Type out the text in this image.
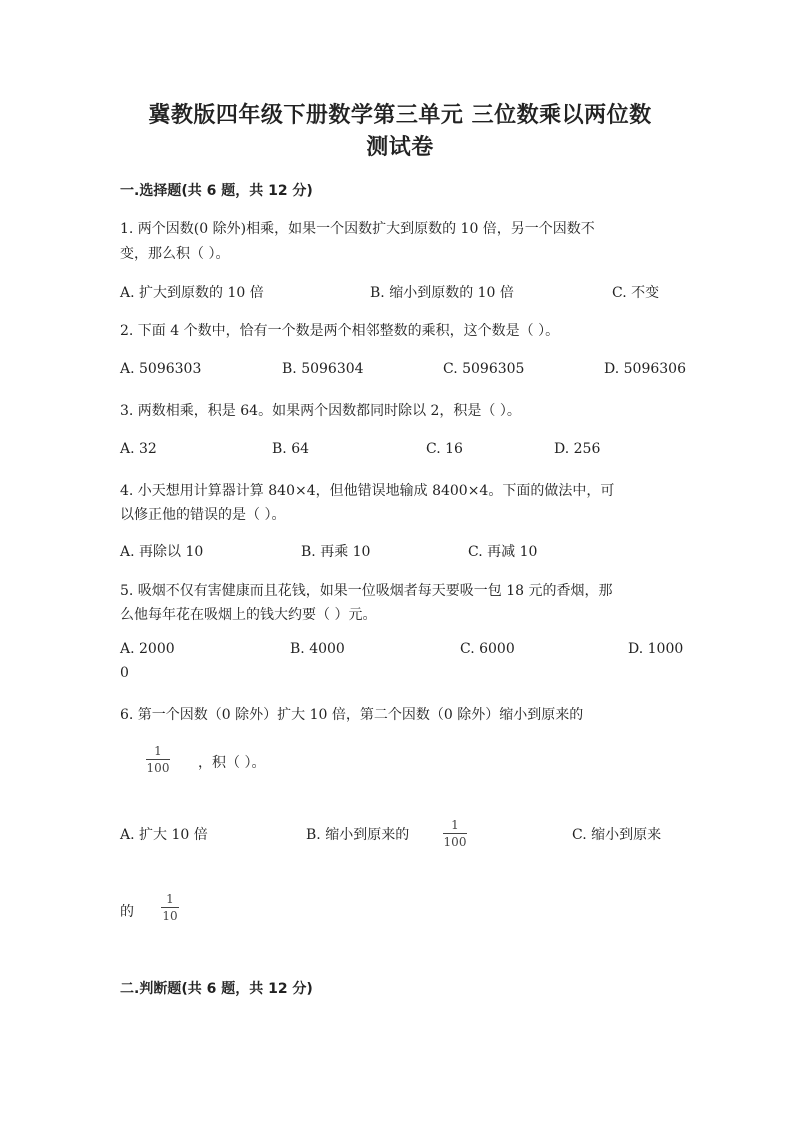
冀教版四年级下册数学第三单元 三位数乘以两位数
测试卷
一.选择题(共 6 题，共 12 分)
1. 两个因数(0 除外)相乘，如果一个因数扩大到原数的 10 倍，另一个因数不
变，那么积（ ）。
A. 扩大到原数的 10 倍	B. 缩小到原数的 10 倍	C. 不变
2. 下面 4 个数中，恰有一个数是两个相邻整数的乘积，这个数是（ ）。
A. 5096303	B. 5096304	C. 5096305	D. 5096306
3. 两数相乘，积是 64。如果两个因数都同时除以 2，积是（ ）。
A. 32	B. 64	C. 16	D. 256
4. 小天想用计算器计算 840×4，但他错误地输成 8400×4。下面的做法中，可
以修正他的错误的是（ ）。
A. 再除以 10	B. 再乘 10	C. 再减 10
5. 吸烟不仅有害健康而且花钱，如果一位吸烟者每天要吸一包 18 元的香烟，那
么他每年花在吸烟上的钱大约要（ ）元。
A. 2000	B. 4000	C. 6000	D. 1000
0
6. 第一个因数（0 除外）扩大 10 倍，第二个因数（0 除外）缩小到原来的
1
100 ，积（ ）。
A. 扩大 10 倍	B. 缩小到原来的
1
100	C. 缩小到原来
的
1
10
二.判断题(共 6 题，共 12 分)
